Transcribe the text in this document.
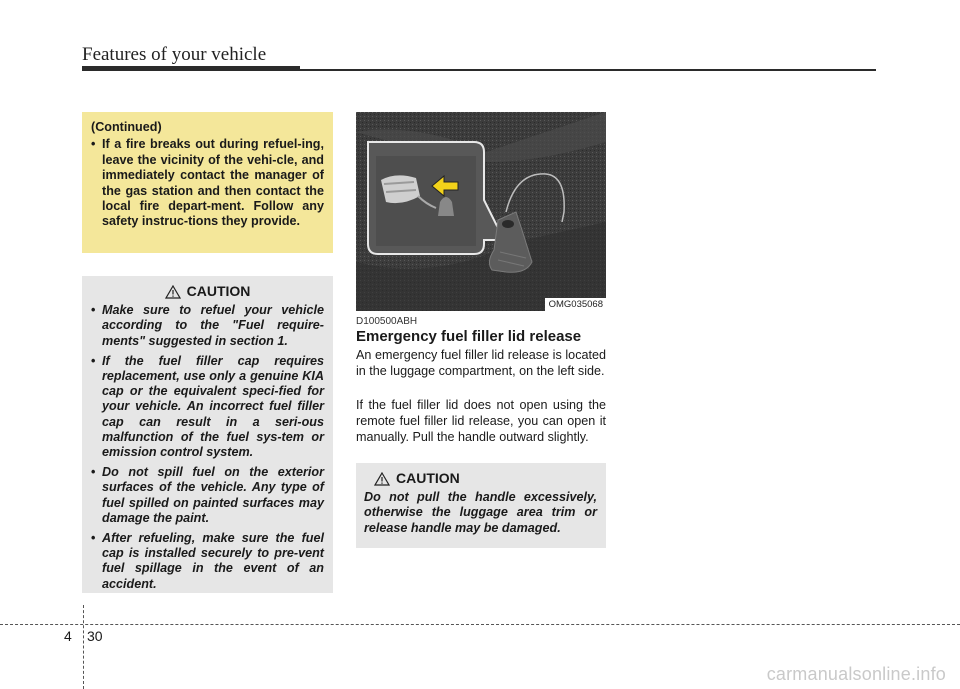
Features of your vehicle
(Continued)
• If a fire breaks out during refuel-ing, leave the vicinity of the vehi-cle, and immediately contact the manager of the gas station and then contact the local fire depart-ment. Follow any safety instruc-tions they provide.
CAUTION
• Make sure to refuel your vehicle according to the "Fuel require-ments" suggested in section 1.
• If the fuel filler cap requires replacement, use only a genuine KIA cap or the equivalent speci-fied for your vehicle. An incorrect fuel filler cap can result in a seri-ous malfunction of the fuel sys-tem or emission control system.
• Do not spill fuel on the exterior surfaces of the vehicle. Any type of fuel spilled on painted surfaces may damage the paint.
• After refueling, make sure the fuel cap is installed securely to pre-vent fuel spillage in the event of an accident.
OMG035068
D100500ABH
Emergency fuel filler lid release

An emergency fuel filler lid release is located in the luggage compartment, on the left side.

If the fuel filler lid does not open using the remote fuel filler lid release, you can open it manually. Pull the handle outward slightly.

CAUTION
Do not pull the handle excessively, otherwise the luggage area trim or release handle may be damaged.
4 30
carmanualsonline.info
